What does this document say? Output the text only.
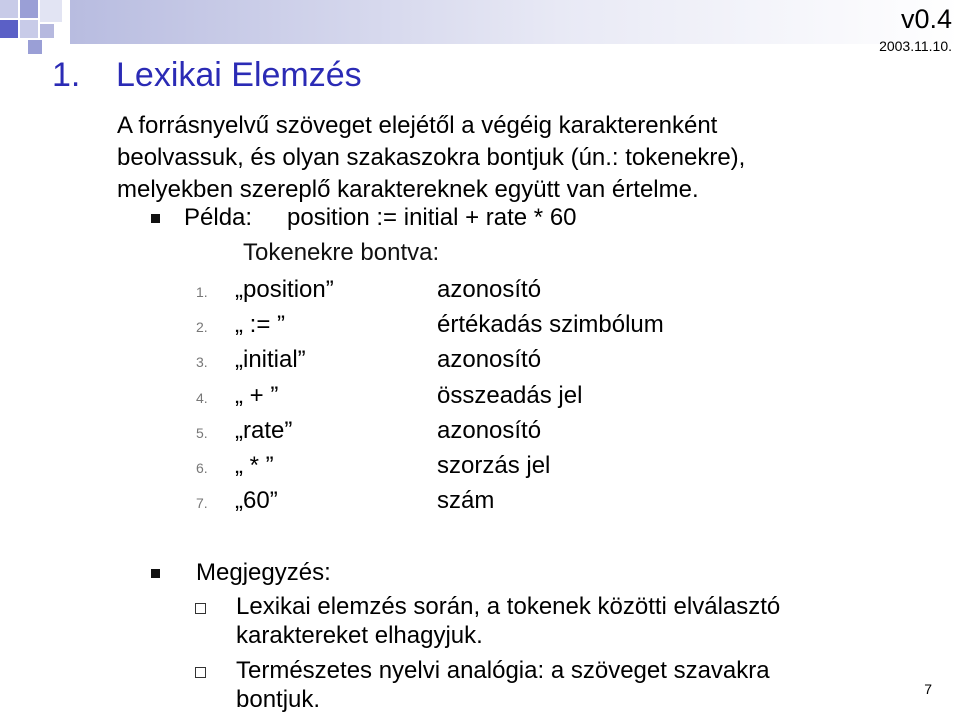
v0.4
2003.11.10.
1. Lexikai Elemzés
A forrásnyelvű szöveget elejétől a végéig karakterenként beolvassuk, és olyan szakaszokra bontjuk (ún.: tokenekre), melyekben szereplő karaktereknek együtt van értelme.
Példa: position := initial + rate * 60
Tokenekre bontva:
1. „position”	azonosító
2. „ := ”	értékadás szimbólum
3. „initial”	azonosító
4. „ + ”	összeadás jel
5. „rate”	azonosító
6. „ * ”	szorzás jel
7. „60”	szám
Megjegyzés:
Lexikai elemzés során, a tokenek közötti elválasztó
karaktereket elhagyjuk.
Természetes nyelvi analógia: a szöveget szavakra
bontjuk.	7
